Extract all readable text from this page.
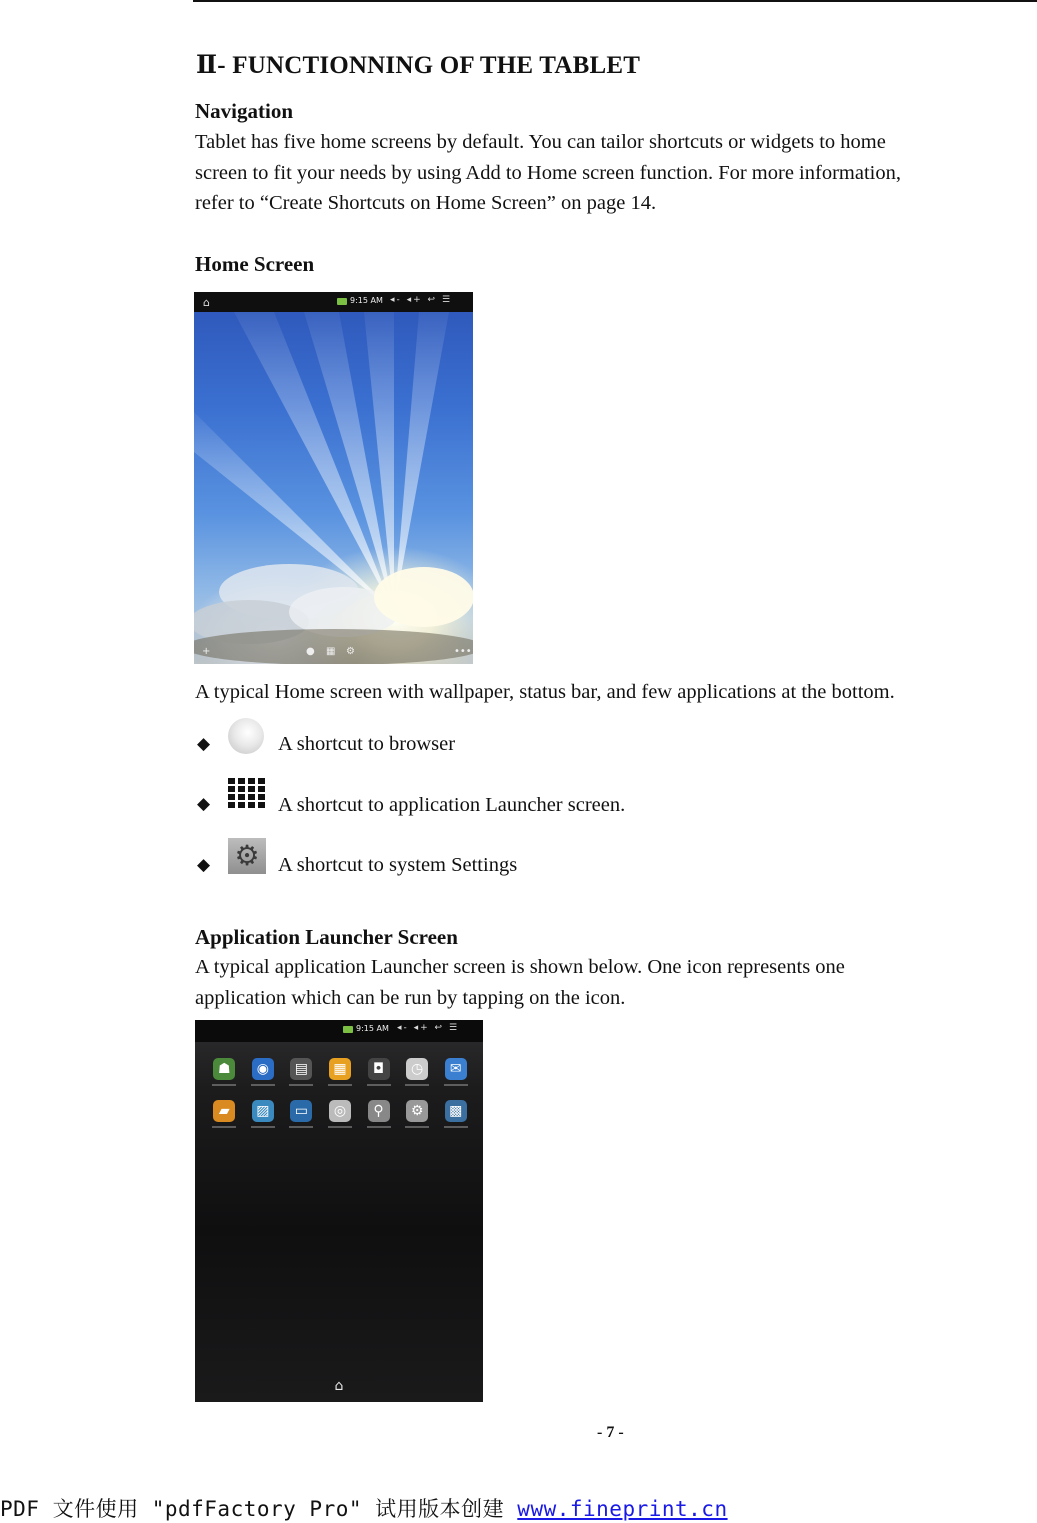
Ⅱ- FUNCTIONNING OF THE TABLET
Navigation
Tablet has five home screens by default. You can tailor shortcuts or widgets to home
screen to fit your needs by using Add to Home screen function. For more information,
refer to “Create Shortcuts on Home Screen” on page 14.
Home Screen
⌂	9:15 AM ◂- ◂+ ↩ ☰
+	● ▦ ⚙	•••
A typical Home screen with wallpaper, status bar, and few applications at the bottom.
◆	A shortcut to browser
◆	A shortcut to application Launcher screen.
◆ ⚙ A shortcut to system Settings
Application Launcher Screen
A typical application Launcher screen is shown below. One icon represents one
application which can be run by tapping on the icon.
9:15 AM ◂- ◂+ ↩ ☰
☗	◉	▤	▦	◘	◷	✉
▰	▨	▭	◎	⚲	⚙	▩
⌂
- 7 -
PDF 文件使用 "pdfFactory Pro" 试用版本创建 www.fineprint.cn
